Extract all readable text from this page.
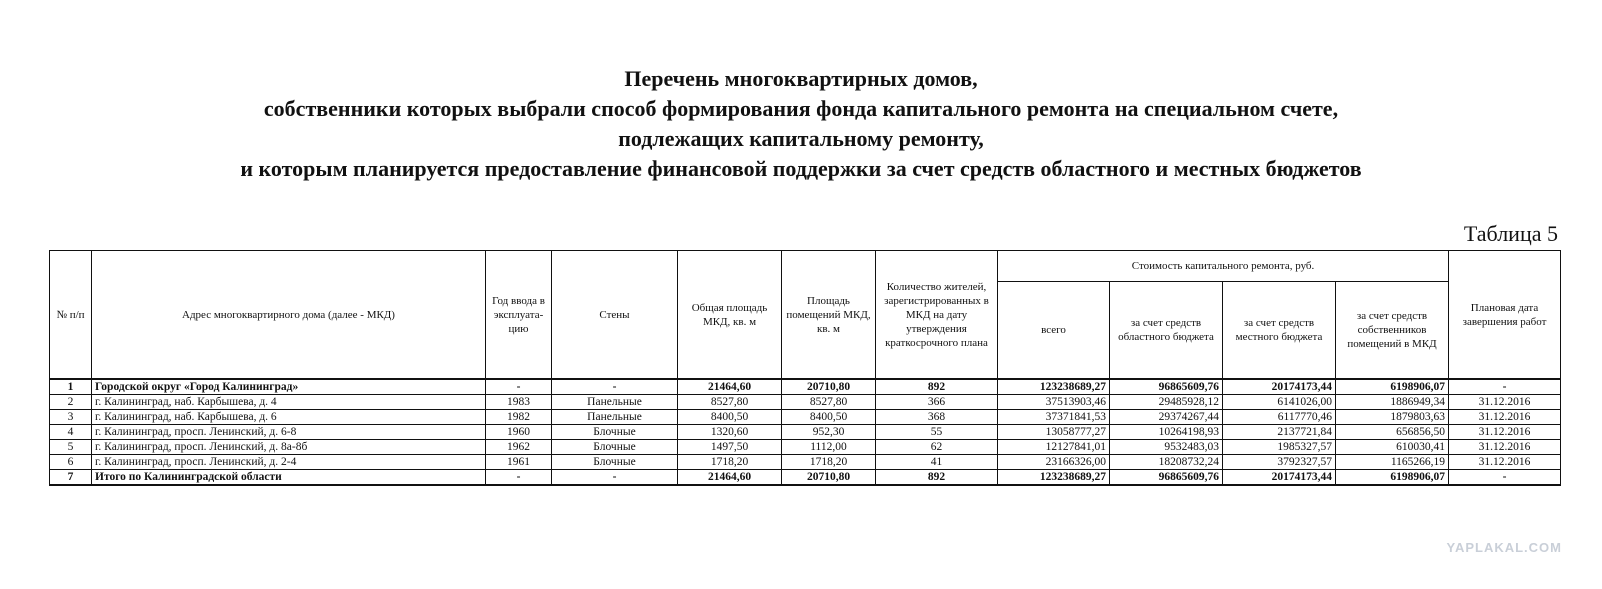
Перечень многоквартирных домов,
собственники которых выбрали способ формирования фонда капитального ремонта на специальном счете,
подлежащих капитальному ремонту,
и которым планируется предоставление финансовой поддержки за счет средств областного и местных бюджетов
Таблица 5
№ п/п	Адрес многоквартирного дома (далее - МКД)	Год ввода в эксплуата-цию	Стены	Общая площадь МКД, кв. м	Площадь помещений МКД, кв. м	Количество жителей, зарегистрированных в МКД на дату утверждения краткосрочного плана	Стоимость капитального ремонта, руб.				Плановая дата завершения работ
							всего	за счет средств областного бюджета	за счет средств местного бюджета	за счет средств собственников помещений в МКД	
1	Городской округ «Город Калининград»	-	-	21464,60	20710,80	892	123238689,27	96865609,76	20174173,44	6198906,07	-
2	г. Калининград, наб. Карбышева, д. 4	1983	Панельные	8527,80	8527,80	366	37513903,46	29485928,12	6141026,00	1886949,34	31.12.2016
3	г. Калининград, наб. Карбышева, д. 6	1982	Панельные	8400,50	8400,50	368	37371841,53	29374267,44	6117770,46	1879803,63	31.12.2016
4	г. Калининград, просп. Ленинский, д. 6-8	1960	Блочные	1320,60	952,30	55	13058777,27	10264198,93	2137721,84	656856,50	31.12.2016
5	г. Калининград, просп. Ленинский, д. 8а-8б	1962	Блочные	1497,50	1112,00	62	12127841,01	9532483,03	1985327,57	610030,41	31.12.2016
6	г. Калининград, просп. Ленинский, д. 2-4	1961	Блочные	1718,20	1718,20	41	23166326,00	18208732,24	3792327,57	1165266,19	31.12.2016
7	Итого по Калининградской области	-	-	21464,60	20710,80	892	123238689,27	96865609,76	20174173,44	6198906,07	-
YAPLAKAL.COM
